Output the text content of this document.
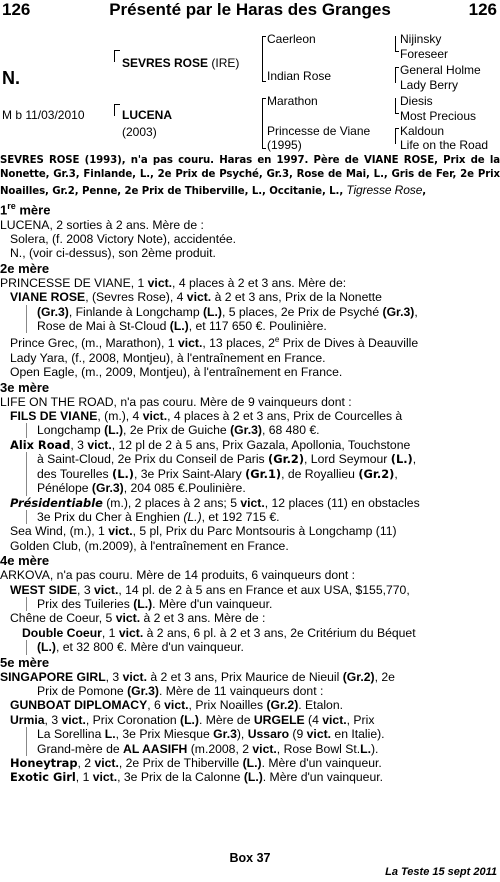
126	Présenté par le Haras des Granges	126
N.
M b 11/03/2010
SEVRES ROSE (IRE)
LUCENA
(2003)
Caerleon
Indian Rose
Marathon
Princesse de Viane
(1995)
Nijinsky
Foreseer
General Holme
Lady Berry
Diesis
Most Precious
Kaldoun
Life on the Road

SEVRES ROSE (1993), n'a pas couru. Haras en 1997. Père de VIANE ROSE, Prix de la Nonette, Gr.3, Finlande, L., 2e Prix de Psyché, Gr.3, Rose de Mai, L., Gris de Fer, 2e Prix Noailles, Gr.2, Penne, 2e Prix de Thiberville, L., Occitanie, L., Tigresse Rose,

1re mère

LUCENA, 2 sorties à 2 ans. Mère de :

Solera, (f. 2008 Victory Note), accidentée.

N., (voir ci-dessus), son 2ème produit.

2e mère

PRINCESSE DE VIANE, 1 vict., 4 places à 2 et 3 ans. Mère de:

VIANE ROSE, (Sevres Rose), 4 vict. à 2 et 3 ans, Prix de la Nonette

(Gr.3), Finlande à Longchamp (L.), 5 places, 2e Prix de Psyché (Gr.3),

Rose de Mai à St-Cloud (L.), et 117 650 €. Poulinière.

Prince Grec, (m., Marathon), 1 vict., 13 places, 2e Prix de Dives à Deauville

Lady Yara, (f., 2008, Montjeu), à l'entraînement en France.

Open Eagle, (m., 2009, Montjeu), à l'entraînement en France.

3e mère

LIFE ON THE ROAD, n'a pas couru. Mère de 9 vainqueurs dont :

FILS DE VIANE, (m.), 4 vict., 4 places à 2 et 3 ans, Prix de Courcelles à

Longchamp (L.), 2e Prix de Guiche (Gr.3), 68 480 €.

Alix Road, 3 vict., 12 pl de 2 à 5 ans, Prix Gazala, Apollonia, Touchstone

à Saint-Cloud, 2e Prix du Conseil de Paris (Gr.2), Lord Seymour (L.),

des Tourelles (L.), 3e Prix Saint-Alary (Gr.1), de Royallieu (Gr.2),

Pénélope (Gr.3), 204 085 €.Poulinière.

Présidentiable (m.), 2 places à 2 ans; 5 vict., 12 places (11) en obstacles

3e Prix du Cher à Enghien (L.), et 192 715 €.

Sea Wind, (m.), 1 vict., 5 pl, Prix du Parc Montsouris à Longchamp (11)

Golden Club, (m.2009), à l'entraînement en France.

4e mère

ARKOVA, n'a pas couru. Mère de 14 produits, 6 vainqueurs dont :

WEST SIDE, 3 vict., 14 pl. de 2 à 5 ans en France et aux USA, $155,770,

Prix des Tuileries (L.). Mère d'un vainqueur.

Chêne de Coeur, 5 vict. à 2 et 3 ans. Mère de :

Double Coeur, 1 vict. à 2 ans, 6 pl. à 2 et 3 ans, 2e Critérium du Béquet

(L.), et 32 800 €. Mère d'un vainqueur.

5e mère

SINGAPORE GIRL, 3 vict. à 2 et 3 ans, Prix Maurice de Nieuil (Gr.2), 2e

Prix de Pomone (Gr.3). Mère de 11 vainqueurs dont :

GUNBOAT DIPLOMACY, 6 vict., Prix Noailles (Gr.2). Etalon.

Urmia, 3 vict., Prix Coronation (L.). Mère de URGELE (4 vict., Prix

La Sorellina L., 3e Prix Miesque Gr.3), Ussaro (9 vict. en Italie).

Grand-mère de AL AASIFH (m.2008, 2 vict., Rose Bowl St.L.).

Honeytrap, 2 vict., 2e Prix de Thiberville (L.). Mère d'un vainqueur.

Exotic Girl, 1 vict., 3e Prix de la Calonne (L.). Mère d'un vainqueur.

Box 37
La Teste 15 sept 2011
